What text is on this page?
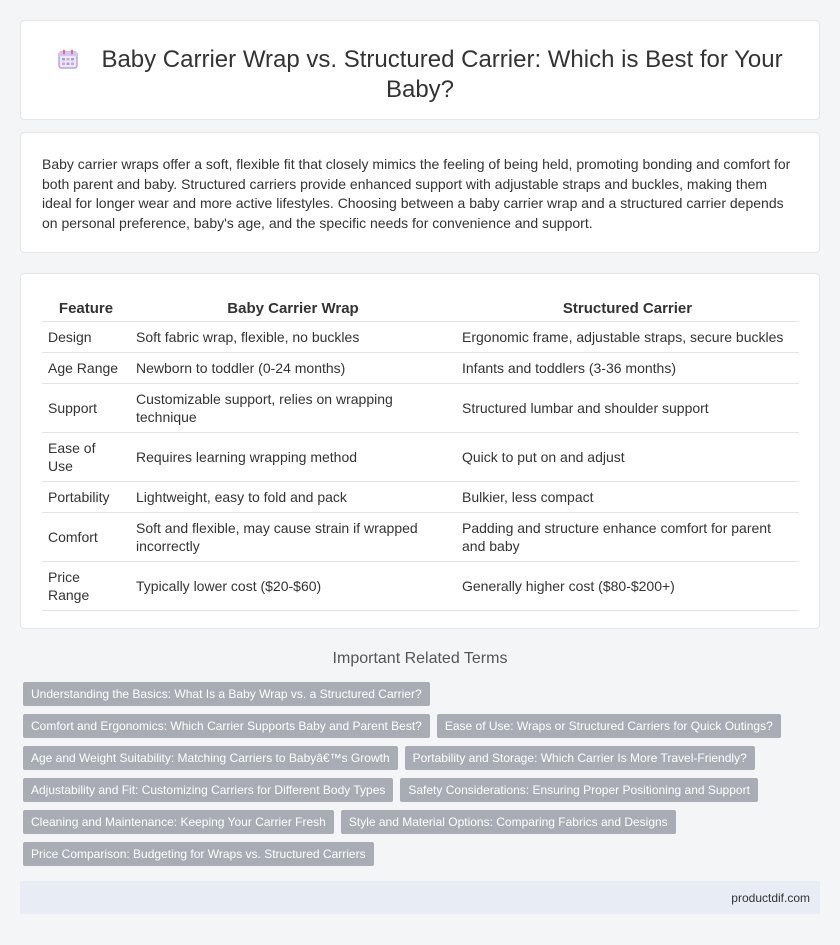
Baby Carrier Wrap vs. Structured Carrier: Which is Best for Your Baby?

Baby carrier wraps offer a soft, flexible fit that closely mimics the feeling of being held, promoting bonding and comfort for both parent and baby. Structured carriers provide enhanced support with adjustable straps and buckles, making them ideal for longer wear and more active lifestyles. Choosing between a baby carrier wrap and a structured carrier depends on personal preference, baby's age, and the specific needs for convenience and support.

Feature	Baby Carrier Wrap	Structured Carrier
Design	Soft fabric wrap, flexible, no buckles	Ergonomic frame, adjustable straps, secure buckles
Age Range	Newborn to toddler (0-24 months)	Infants and toddlers (3-36 months)
Support	Customizable support, relies on wrapping technique	Structured lumbar and shoulder support
Ease of Use	Requires learning wrapping method	Quick to put on and adjust
Portability	Lightweight, easy to fold and pack	Bulkier, less compact
Comfort	Soft and flexible, may cause strain if wrapped incorrectly	Padding and structure enhance comfort for parent and baby
Price Range	Typically lower cost ($20-$60)	Generally higher cost ($80-$200+)
Important Related Terms
Understanding the Basics: What Is a Baby Wrap vs. a Structured Carrier?
Comfort and Ergonomics: Which Carrier Supports Baby and Parent Best? Ease of Use: Wraps or Structured Carriers for Quick Outings?
Age and Weight Suitability: Matching Carriers to Babyâ€™s Growth Portability and Storage: Which Carrier Is More Travel-Friendly?
Adjustability and Fit: Customizing Carriers for Different Body Types Safety Considerations: Ensuring Proper Positioning and Support
Cleaning and Maintenance: Keeping Your Carrier Fresh Style and Material Options: Comparing Fabrics and Designs
Price Comparison: Budgeting for Wraps vs. Structured Carriers
productdif.com
